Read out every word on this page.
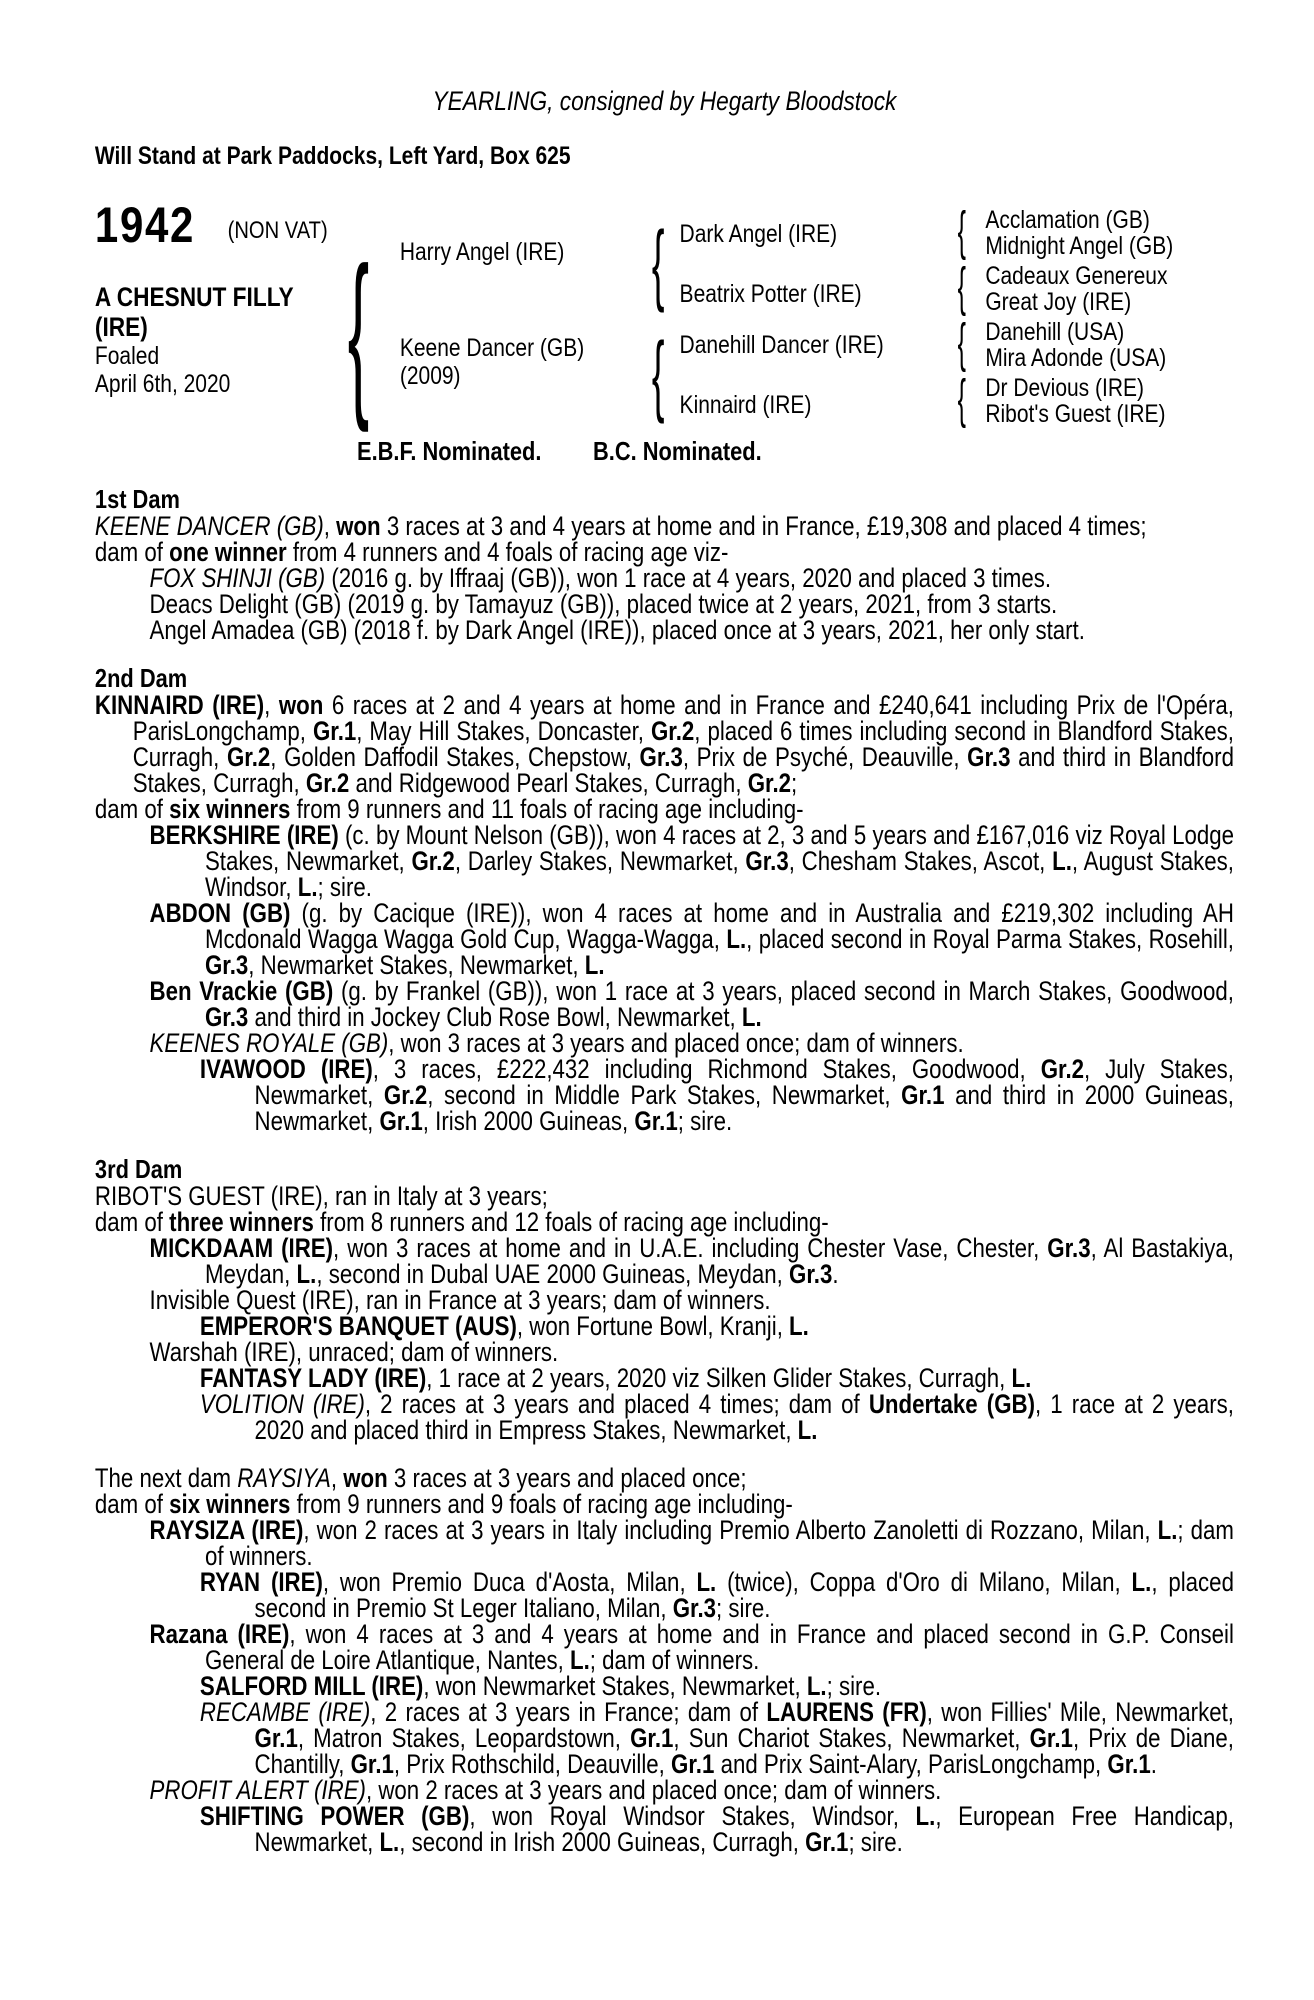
YEARLING, consigned by Hegarty Bloodstock
Will Stand at Park Paddocks, Left Yard, Box 625
1942 (NON VAT)
A CHESNUT FILLY
(IRE)
Foaled
April 6th, 2020 { Harry Angel (IRE)
Keene Dancer (GB)
(2009)
{
{
Dark Angel (IRE)
Beatrix Potter (IRE)
Danehill Dancer (IRE)
Kinnaird (IRE)
{
{
{
{
Acclamation (GB)
Midnight Angel (GB)
Cadeaux Genereux
Great Joy (IRE)
Danehill (USA)
Mira Adonde (USA)
Dr Devious (IRE)
Ribot's Guest (IRE)
E.B.F. Nominated. B.C. Nominated.
1st Dam

KEENE DANCER (GB), won 3 races at 3 and 4 years at home and in France, £19,308 and placed 4 times;

dam of one winner from 4 runners and 4 foals of racing age viz-

FOX SHINJI (GB) (2016 g. by Iffraaj (GB)), won 1 race at 4 years, 2020 and placed 3 times.

Deacs Delight (GB) (2019 g. by Tamayuz (GB)), placed twice at 2 years, 2021, from 3 starts.

Angel Amadea (GB) (2018 f. by Dark Angel (IRE)), placed once at 3 years, 2021, her only start.

2nd Dam

KINNAIRD (IRE), won 6 races at 2 and 4 years at home and in France and £240,641 including Prix de l'Opéra, ParisLongchamp, Gr.1, May Hill Stakes, Doncaster, Gr.2, placed 6 times including second in Blandford Stakes, Curragh, Gr.2, Golden Daffodil Stakes, Chepstow, Gr.3, Prix de Psyché, Deauville, Gr.3 and third in Blandford Stakes, Curragh, Gr.2 and Ridgewood Pearl Stakes, Curragh, Gr.2;

dam of six winners from 9 runners and 11 foals of racing age including-

BERKSHIRE (IRE) (c. by Mount Nelson (GB)), won 4 races at 2, 3 and 5 years and £167,016 viz Royal Lodge Stakes, Newmarket, Gr.2, Darley Stakes, Newmarket, Gr.3, Chesham Stakes, Ascot, L., August Stakes, Windsor, L.; sire.

ABDON (GB) (g. by Cacique (IRE)), won 4 races at home and in Australia and £219,302 including AH Mcdonald Wagga Wagga Gold Cup, Wagga-Wagga, L., placed second in Royal Parma Stakes, Rosehill, Gr.3, Newmarket Stakes, Newmarket, L.

Ben Vrackie (GB) (g. by Frankel (GB)), won 1 race at 3 years, placed second in March Stakes, Goodwood, Gr.3 and third in Jockey Club Rose Bowl, Newmarket, L.

KEENES ROYALE (GB), won 3 races at 3 years and placed once; dam of winners.

IVAWOOD (IRE), 3 races, £222,432 including Richmond Stakes, Goodwood, Gr.2, July Stakes, Newmarket, Gr.2, second in Middle Park Stakes, Newmarket, Gr.1 and third in 2000 Guineas, Newmarket, Gr.1, Irish 2000 Guineas, Gr.1; sire.

3rd Dam

RIBOT'S GUEST (IRE), ran in Italy at 3 years;

dam of three winners from 8 runners and 12 foals of racing age including-

MICKDAAM (IRE), won 3 races at home and in U.A.E. including Chester Vase, Chester, Gr.3, Al Bastakiya, Meydan, L., second in Dubal UAE 2000 Guineas, Meydan, Gr.3.

Invisible Quest (IRE), ran in France at 3 years; dam of winners.

EMPEROR'S BANQUET (AUS), won Fortune Bowl, Kranji, L.

Warshah (IRE), unraced; dam of winners.

FANTASY LADY (IRE), 1 race at 2 years, 2020 viz Silken Glider Stakes, Curragh, L.

VOLITION (IRE), 2 races at 3 years and placed 4 times; dam of Undertake (GB), 1 race at 2 years, 2020 and placed third in Empress Stakes, Newmarket, L.

The next dam RAYSIYA, won 3 races at 3 years and placed once;

dam of six winners from 9 runners and 9 foals of racing age including-

RAYSIZA (IRE), won 2 races at 3 years in Italy including Premio Alberto Zanoletti di Rozzano, Milan, L.; dam of winners.

RYAN (IRE), won Premio Duca d'Aosta, Milan, L. (twice), Coppa d'Oro di Milano, Milan, L., placed second in Premio St Leger Italiano, Milan, Gr.3; sire.

Razana (IRE), won 4 races at 3 and 4 years at home and in France and placed second in G.P. Conseil General de Loire Atlantique, Nantes, L.; dam of winners.

SALFORD MILL (IRE), won Newmarket Stakes, Newmarket, L.; sire.

RECAMBE (IRE), 2 races at 3 years in France; dam of LAURENS (FR), won Fillies' Mile, Newmarket, Gr.1, Matron Stakes, Leopardstown, Gr.1, Sun Chariot Stakes, Newmarket, Gr.1, Prix de Diane, Chantilly, Gr.1, Prix Rothschild, Deauville, Gr.1 and Prix Saint-Alary, ParisLongchamp, Gr.1.

PROFIT ALERT (IRE), won 2 races at 3 years and placed once; dam of winners.

SHIFTING POWER (GB), won Royal Windsor Stakes, Windsor, L., European Free Handicap, Newmarket, L., second in Irish 2000 Guineas, Curragh, Gr.1; sire.
